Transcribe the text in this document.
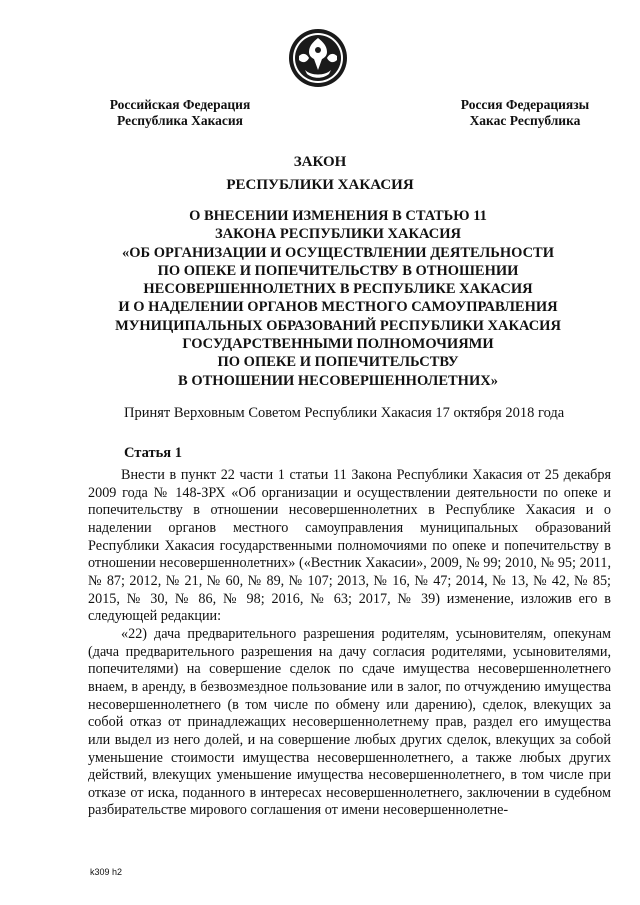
Российская Федерация
Республика Хакасия
Россия Федерациязы
Хакас Республика
ЗАКОН
РЕСПУБЛИКИ ХАКАСИЯ
О ВНЕСЕНИИ ИЗМЕНЕНИЯ В СТАТЬЮ 11
ЗАКОНА РЕСПУБЛИКИ ХАКАСИЯ
«ОБ ОРГАНИЗАЦИИ И ОСУЩЕСТВЛЕНИИ ДЕЯТЕЛЬНОСТИ
ПО ОПЕКЕ И ПОПЕЧИТЕЛЬСТВУ В ОТНОШЕНИИ
НЕСОВЕРШЕННОЛЕТНИХ В РЕСПУБЛИКЕ ХАКАСИЯ
И О НАДЕЛЕНИИ ОРГАНОВ МЕСТНОГО САМОУПРАВЛЕНИЯ
МУНИЦИПАЛЬНЫХ ОБРАЗОВАНИЙ РЕСПУБЛИКИ ХАКАСИЯ
ГОСУДАРСТВЕННЫМИ ПОЛНОМОЧИЯМИ
ПО ОПЕКЕ И ПОПЕЧИТЕЛЬСТВУ
В ОТНОШЕНИИ НЕСОВЕРШЕННОЛЕТНИХ»
Принят Верховным Советом Республики Хакасия 17 октября 2018 года
Статья 1

Внести в пункт 22 части 1 статьи 11 Закона Республики Хакасия от 25 декабря 2009 года № 148-ЗРХ «Об организации и осуществлении деятельности по опеке и попечительству в отношении несовершеннолетних в Республике Хакасия и о наделении органов местного самоуправления муниципальных образований Республики Хакасия государственными полномочиями по опеке и попечительству в отношении несовершеннолетних» («Вестник Хакасии», 2009, № 99; 2010, № 95; 2011, № 87; 2012, № 21, № 60, № 89, № 107; 2013, № 16, № 47; 2014, № 13, № 42, № 85; 2015, № 30, № 86, № 98; 2016, № 63; 2017, № 39) изменение, изложив его в следующей редакции:

«22) дача предварительного разрешения родителям, усыновителям, опекунам (дача предварительного разрешения на дачу согласия родителями, усыновителями, попечителями) на совершение сделок по сдаче имущества несовершеннолетнего внаем, в аренду, в безвозмездное пользование или в залог, по отчуждению имущества несовершеннолетнего (в том числе по обмену или дарению), сделок, влекущих за собой отказ от принадлежащих несовершеннолетнему прав, раздел его имущества или выдел из него долей, и на совершение любых других сделок, влекущих за собой уменьшение стоимости имущества несовершеннолетнего, а также любых других действий, влекущих уменьшение имущества несовершеннолетнего, в том числе при отказе от иска, поданного в интересах несовершеннолетнего, заключении в судебном разбирательстве мирового соглашения от имени несовершеннолетне-

k309 h2
